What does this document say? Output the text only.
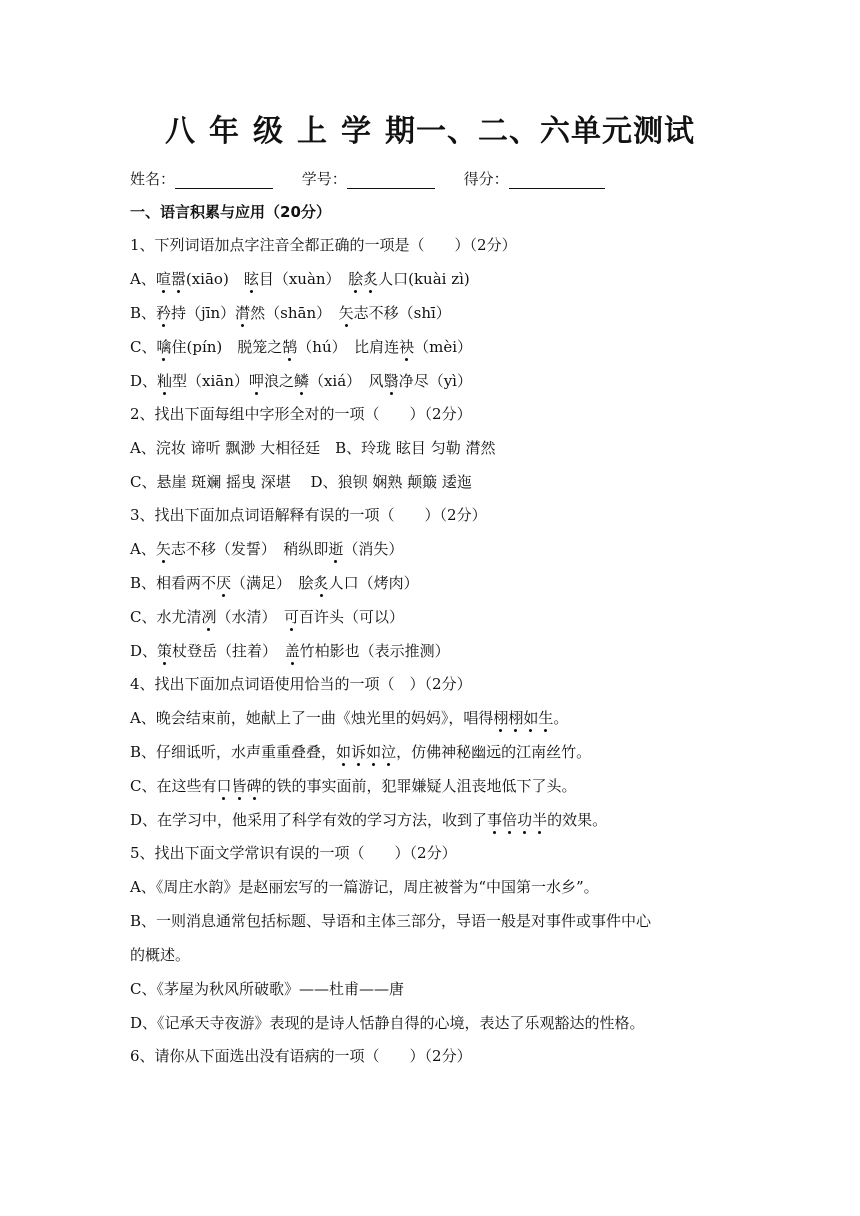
八年级上学期一、二、六单元测试
姓名：	学号：	得分：
一、语言积累与应用（20分）
1、下列词语加点字注音全都正确的一项是（　　）（2分）
A、喧嚣(xiāo)　眩目（xuàn）　脍炙人口(kuài zì)
B、矜持（jīn）潸然（shān）　矢志不移（shī）
C、噙住(pín)　脱笼之鹄（hú）　比肩连袂（mèi）
D、籼型（xiān）呷浪之鳞（xiá）　风翳净尽（yì）
2、找出下面每组中字形全对的一项（　　）（2分）
A、浣妆 谛听 飘渺 大相径廷　B、玲珑 眩目 匀勒 潸然
C、悬崖 斑斓 摇曳 深堪　 D、狼钡 娴熟 颠簸 逶迤
3、找出下面加点词语解释有误的一项（　　）（2分）
A、矢志不移（发誓）　稍纵即逝（消失）
B、相看两不厌（满足）　脍炙人口（烤肉）
C、水尤清冽（水清）　可百许头（可以）
D、策杖登岳（拄着）　盖竹柏影也（表示推测）
4、找出下面加点词语使用恰当的一项（　）（2分）
A、晚会结束前，她献上了一曲《烛光里的妈妈》，唱得栩栩如生。
B、仔细诋听，水声重重叠叠，如诉如泣，仿佛神秘幽远的江南丝竹。
C、在这些有口皆碑的铁的事实面前，犯罪嫌疑人沮丧地低下了头。
D、在学习中，他采用了科学有效的学习方法，收到了事倍功半的效果。
5、找出下面文学常识有误的一项（　　）（2分）
A、《周庄水韵》是赵丽宏写的一篇游记，周庄被誉为“中国第一水乡”。
B、一则消息通常包括标题、导语和主体三部分，导语一般是对事件或事件中心
的概述。
C、《茅屋为秋风所破歌》——杜甫——唐
D、《记承天寺夜游》表现的是诗人恬静自得的心境，表达了乐观豁达的性格。
6、请你从下面选出没有语病的一项（　　）（2分）
